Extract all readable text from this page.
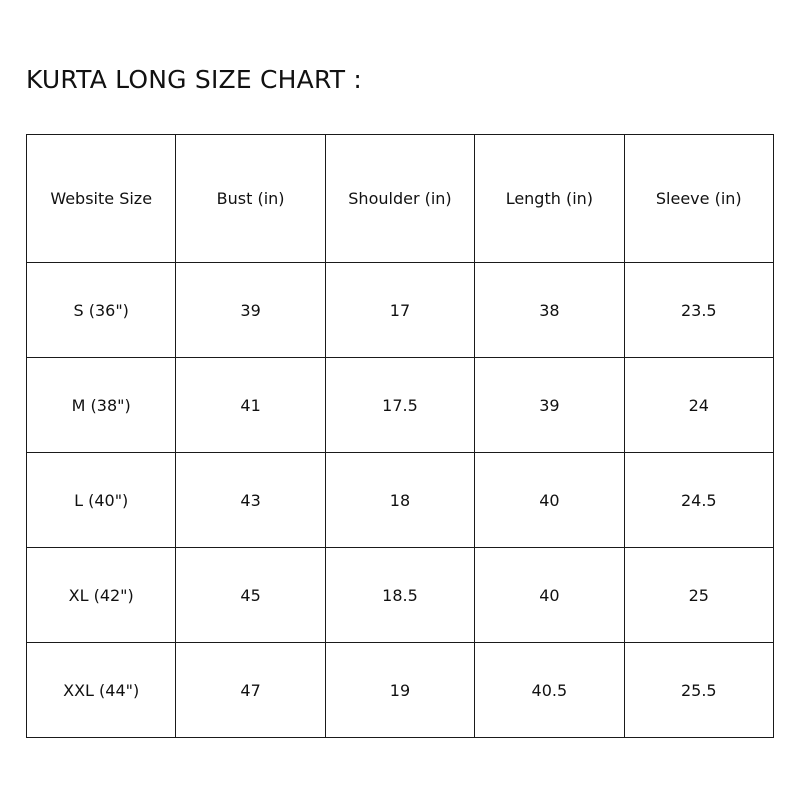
KURTA LONG SIZE CHART :
Website Size	Bust (in)	Shoulder (in)	Length (in)	Sleeve (in)
S (36")	39	17	38	23.5
M (38")	41	17.5	39	24
L (40")	43	18	40	24.5
XL (42")	45	18.5	40	25
XXL (44")	47	19	40.5	25.5
